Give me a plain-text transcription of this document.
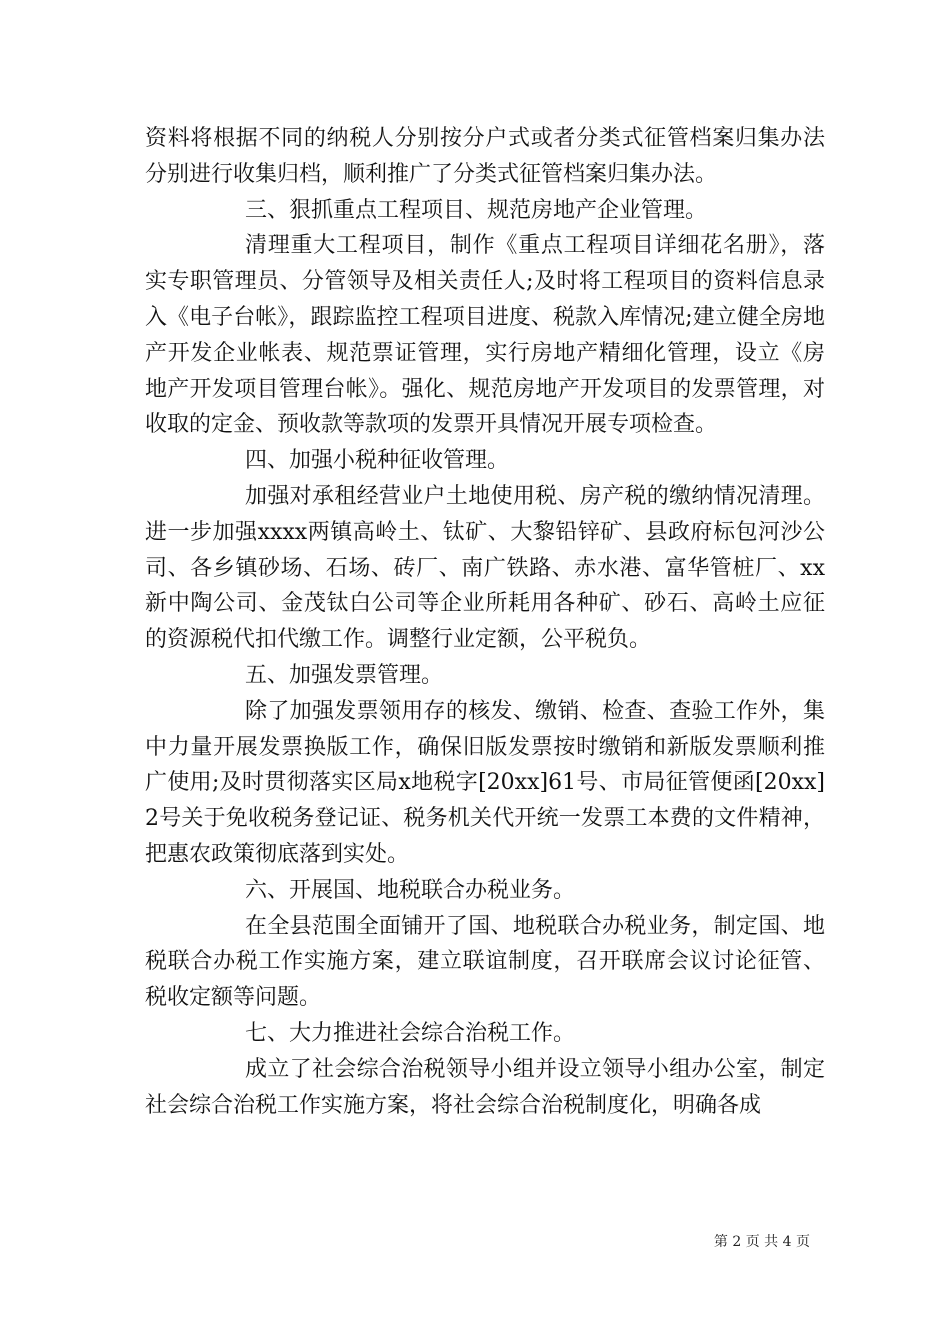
资料将根据不同的纳税人分别按分户式或者分类式征管档案归集办法分别进行收集归档，顺利推广了分类式征管档案归集办法。

三、狠抓重点工程项目、规范房地产企业管理。

清理重大工程项目，制作《重点工程项目详细花名册》，落实专职管理员、分管领导及相关责任人;及时将工程项目的资料信息录入《电子台帐》，跟踪监控工程项目进度、税款入库情况;建立健全房地产开发企业帐表、规范票证管理，实行房地产精细化管理，设立《房地产开发项目管理台帐》。强化、规范房地产开发项目的发票管理，对收取的定金、预收款等款项的发票开具情况开展专项检查。

四、加强小税种征收管理。

加强对承租经营业户土地使用税、房产税的缴纳情况清理。进一步加强xxxx两镇高岭土、钛矿、大黎铅锌矿、县政府标包河沙公司、各乡镇砂场、石场、砖厂、南广铁路、赤水港、富华管桩厂、xx新中陶公司、金茂钛白公司等企业所耗用各种矿、砂石、高岭土应征的资源税代扣代缴工作。调整行业定额，公平税负。

五、加强发票管理。

除了加强发票领用存的核发、缴销、检查、查验工作外，集中力量开展发票换版工作，确保旧版发票按时缴销和新版发票顺利推广使用;及时贯彻落实区局x地税字[20xx]61号、市局征管便函[20xx]2号关于免收税务登记证、税务机关代开统一发票工本费的文件精神，把惠农政策彻底落到实处。

六、开展国、地税联合办税业务。

在全县范围全面铺开了国、地税联合办税业务，制定国、地税联合办税工作实施方案，建立联谊制度，召开联席会议讨论征管、税收定额等问题。

七、大力推进社会综合治税工作。

成立了社会综合治税领导小组并设立领导小组办公室，制定社会综合治税工作实施方案，将社会综合治税制度化，明确各成

第 2 页 共 4 页
